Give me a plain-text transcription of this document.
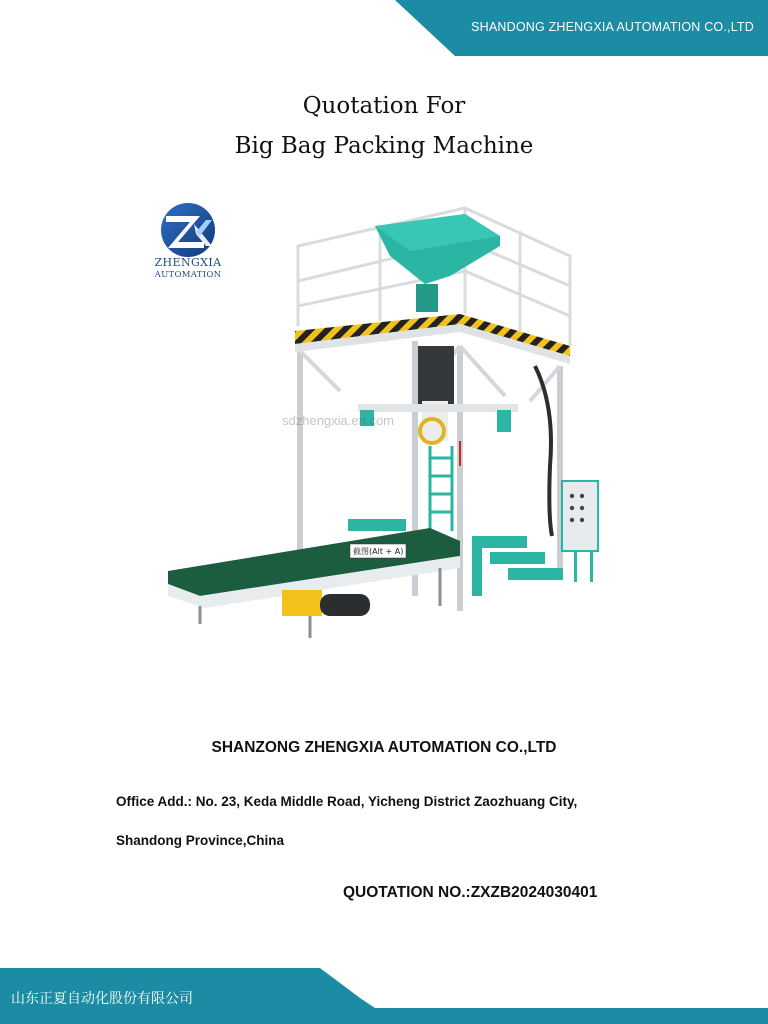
SHANDONG ZHENGXIA AUTOMATION CO.,LTD
Quotation For
Big Bag Packing Machine
ZHENGXIA
AUTOMATION
截图(Alt + A)
sdzhengxia.en.com
SHANZONG ZHENGXIA AUTOMATION CO.,LTD
Office Add.: No. 23, Keda Middle Road, Yicheng District Zaozhuang City,
Shandong Province,China
QUOTATION NO.:ZXZB2024030401
山东正夏自动化股份有限公司
